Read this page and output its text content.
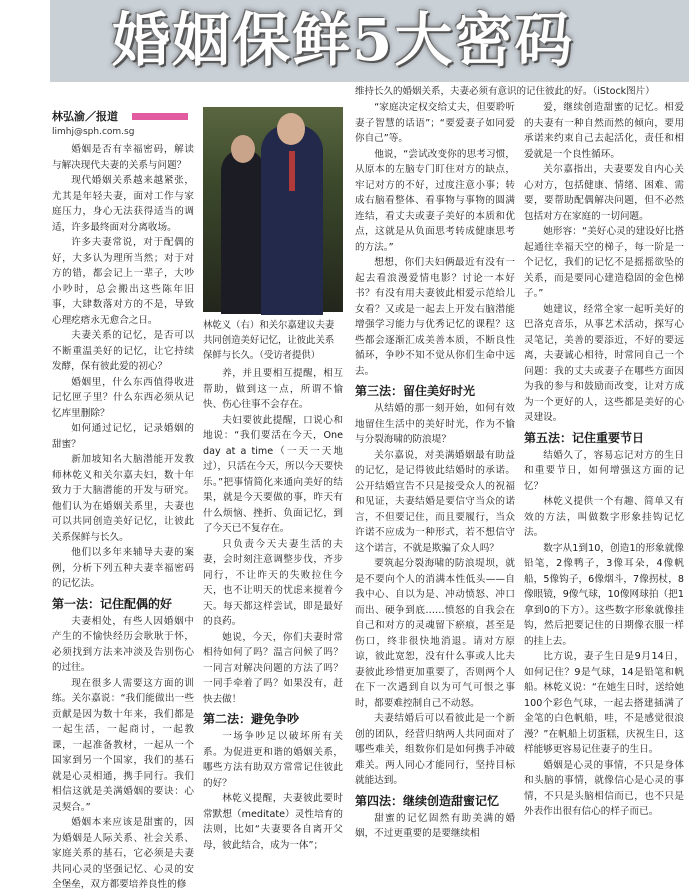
婚姻保鲜5大密码
维持长久的婚姻关系，夫妻必须有意识的记住彼此的好。（iStock图片）
林弘渝／报道
limhj@sph.com.sg
林乾义（右）和关尔嘉建议夫妻共同创造美好记忆，让彼此关系保鲜与长久。（受访者提供）

婚姻是否有幸福密码，解读与解决现代夫妻的关系与问题？

现代婚姻关系越来越紧张，尤其是年轻夫妻，面对工作与家庭压力，身心无法获得适当的调适，许多最终面对分离收场。

许多夫妻常说，对于配偶的好，大多认为理所当然；对于对方的错，都会记上一辈子，大吵小吵时，总会搬出这些陈年旧事，大肆数落对方的不是，导致心理疙瘩永无愈合之日。

夫妻关系的记忆，是否可以不断重温美好的记忆，让它持续发酵，保有彼此爱的初心？

婚姻里，什么东西值得收进记忆匣子里？什么东西必须从记忆库里删除？

如何通过记忆，记录婚姻的甜蜜？

新加坡知名大脑潜能开发教师林乾义和关尔嘉夫妇，数十年致力于大脑潜能的开发与研究。他们认为在婚姻关系里，夫妻也可以共同创造美好记忆，让彼此关系保鲜与长久。

他们以多年来辅导夫妻的案例，分析下列五种夫妻幸福密码的记忆法。

第一法：记住配偶的好

夫妻相处，有些人因婚姻中产生的不愉快经历会耿耿于怀，必须找到方法来冲淡及告别伤心的过往。

现在很多人需要这方面的训练。关尔嘉说：“我们能做出一些贡献是因为数十年来，我们都是一起生活，一起商讨，一起教课，一起准备教材，一起从一个国家到另一个国家，我们的基石就是心灵相通，携手同行。我们相信这就是美满婚姻的要诀：心灵契合。”

婚姻本来应该是甜蜜的，因为婚姻是人际关系、社会关系、家庭关系的基石，它必须是夫妻共同心灵的坚强记忆、心灵的安全堡垒，双方都要培养良性的修

养，并且要相互提醒，相互帮助，做到这一点，所谓不愉快、伤心往事不会存在。

夫妇要彼此提醒，口说心和地说：“我们要活在今天，One day at a time（一天一天地过），只活在今天，所以今天要快乐。”把事情简化来通向美好的结果，就是今天要做的事，昨天有什么烦恼、挫折、负面记忆，到了今天已不复存在。

只负责今天夫妻生活的夫妻，会时刻注意调整步伐，齐步同行，不让昨天的失败拉住今天，也不让明天的忧虑来搅着今天。每天都这样尝试，即是最好的良药。

她说，今天，你们夫妻时常相待如何了吗？温言问候了吗？一同言对解决问题的方法了吗？一同手牵着了吗？如果没有，赶快去做！

第二法：避免争吵

一场争吵足以破坏所有关系。为促进更和谐的婚姻关系，哪些方法有助双方常常记住彼此的好？

林乾义提醒，夫妻彼此要时常默想（meditate）灵性培育的法则，比如“夫妻要各自离开父母，彼此结合，成为一体”；

“家庭决定权交给丈夫，但要聆听妻子智慧的话语”；“要爱妻子如同爱你自己”等。

他说，“尝试改变你的思考习惯，从原本的左脑专门盯住对方的缺点，牢记对方的不好，过度注意小事；转成右脑看整体、看事物与事物的圆满连结，看丈夫或妻子美好的本质和优点，这就是从负面思考转成健康思考的方法。”

想想，你们夫妇俩最近有没有一起去看浪漫爱情电影？讨论一本好书？有没有用夫妻彼此相爱示范给儿女看？又或是一起去上开发右脑潜能增强学习能力与优秀记忆的课程？这些都会逐渐汇成美善本质，不断良性循环，争吵不知不觉从你们生命中远去。

第三法：留住美好时光

从结婚的那一刻开始，如何有效地留住生活中的美好时光，作为不愉与分裂海啸的防浪堤？

关尔嘉说，对美满婚姻最有助益的记忆，是记得彼此结婚时的承诺。公开结婚宣告不只是接受众人的祝福和见证，夫妻结婚是要信守当众的诺言，不但要记住，而且要履行，当众许诺不应成为一种形式，若不想信守这个诺言，不就是欺骗了众人吗？

要筑起分裂海啸的防浪堤坝，就是不要向个人的消满本性低头——自我中心、自以为是、冲动愤怒、冲口而出、硬争到底……愤怒的自我会在自己和对方的灵魂留下瘀痕，甚至是伤口，终非很快地消退。请对方原谅，彼此宽恕，没有什么事或人比夫妻彼此珍惜更加重要了，否则两个人在下一次遇到自以为可气可恨之事时，都要难控制自己不动怒。

夫妻结婚后可以看彼此是一个新创的团队，经营归纳两人共同面对了哪些难关，组数你们是如何携手冲破难关。两人同心才能同行，坚持目标就能达到。

第四法：继续创造甜蜜记忆

甜蜜的记忆固然有助美满的婚姻，不过更重要的是要继续相

爱，继续创造甜蜜的记忆。相爱的夫妻有一种自然而然的倾向，要用承诺来约束自己去起活化，责任和相爱就是一个良性循环。

关尔嘉指出，夫妻要发自内心关心对方，包括健康、情绪、困难、需要，要帮助配偶解决问题，但不必然包括对方在家庭的一切问题。

她形容：“美好心灵的建设好比搭起通往幸福天空的梯子，每一阶是一个记忆，我们的记忆不是摇摇欲坠的关系，而是要同心建造稳固的金色梯子。”

她建议，经常全家一起听美好的巴洛克音乐，从事艺术活动，探写心灵笔记，美善的要添近，不好的要远离，夫妻诚心相待，时常同自己一个问题：我的丈夫或妻子在哪些方面因为我的参与和鼓励而改变，让对方成为一个更好的人，这些都是美好的心灵建设。

第五法：记住重要节日

结婚久了，容易忘记对方的生日和重要节日，如何增强这方面的记忆？

林乾义提供一个有趣、简单又有效的方法，叫做数字形象挂钩记忆法。

数字从1到10，创造1的形象就像铅笔，2像鸭子，3像耳朵，4像帆船，5像钩子，6像烟斗，7像拐杖，8像眼镜，9像气球，10像网球拍（把1拿到0的下方）。这些数字形象就像挂钩，然后把要记住的日期像衣服一样的挂上去。

比方说，妻子生日是9月14日，如何记住？9是气球，14是铅笔和帆船。林乾义说：“在她生日时，送给她100个彩色气球，一起去搭建插满了金笔的白色帆船，哇，不是感觉很浪漫？”在帆船上切蛋糕，庆祝生日，这样能够更容易记住妻子的生日。

婚姻是心灵的事情，不只是身体和头脑的事情，就像信心是心灵的事情，不只是头脑相信而已，也不只是外表作出很有信心的样子而已。
